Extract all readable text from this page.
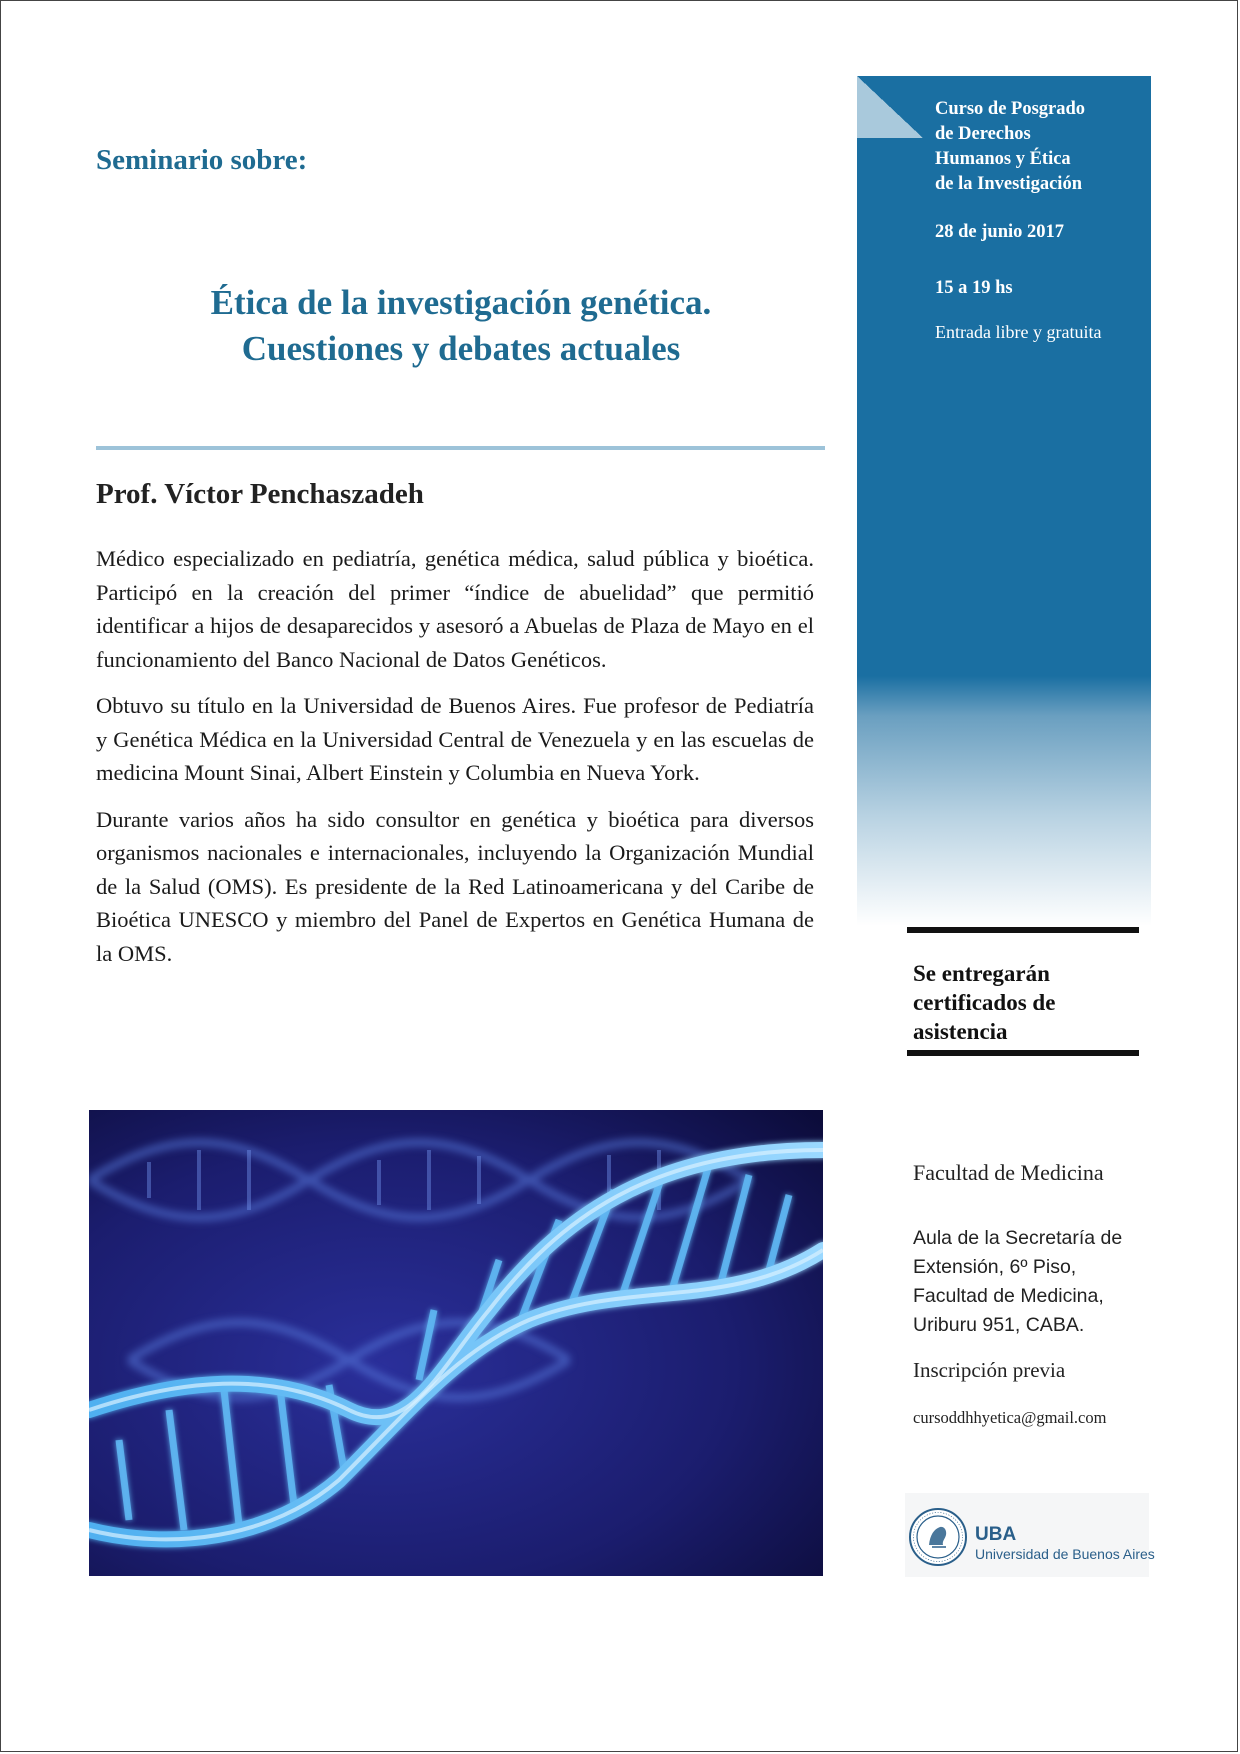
Seminario sobre:
Ética de la investigación genética.
Cuestiones y debates actuales
Prof. Víctor Penchaszadeh

Médico especializado en pediatría, genética médica, salud pública y bioética. Participó en la creación del primer “índice de abuelidad” que permitió identificar a hijos de desaparecidos y asesoró a Abuelas de Plaza de Mayo en el funcionamiento del Banco Nacional de Datos Genéticos.

Obtuvo su título en la Universidad de Buenos Aires. Fue profesor de Pediatría y Genética Médica en la Universidad Central de Venezuela y en las escuelas de medicina Mount Sinai, Albert Einstein y Columbia en Nueva York.

Durante varios años ha sido consultor en genética y bioética para diversos organismos nacionales e internacionales, incluyendo la Organización Mundial de la Salud (OMS). Es presidente de la Red Latinoamericana y del Caribe de Bioética UNESCO y miembro del Panel de Expertos en Genética Humana de la OMS.

Curso de Posgrado
de Derechos
Humanos y Ética
de la Investigación
28 de junio 2017
15 a 19 hs
Entrada libre y gratuita
Se entregarán
certificados de
asistencia
Facultad de Medicina
Aula de la Secretaría de
Extensión, 6º Piso,
Facultad de Medicina,
Uriburu 951, CABA.
Inscripción previa
cursoddhhyetica@gmail.com
UBA
Universidad de Buenos Aires
